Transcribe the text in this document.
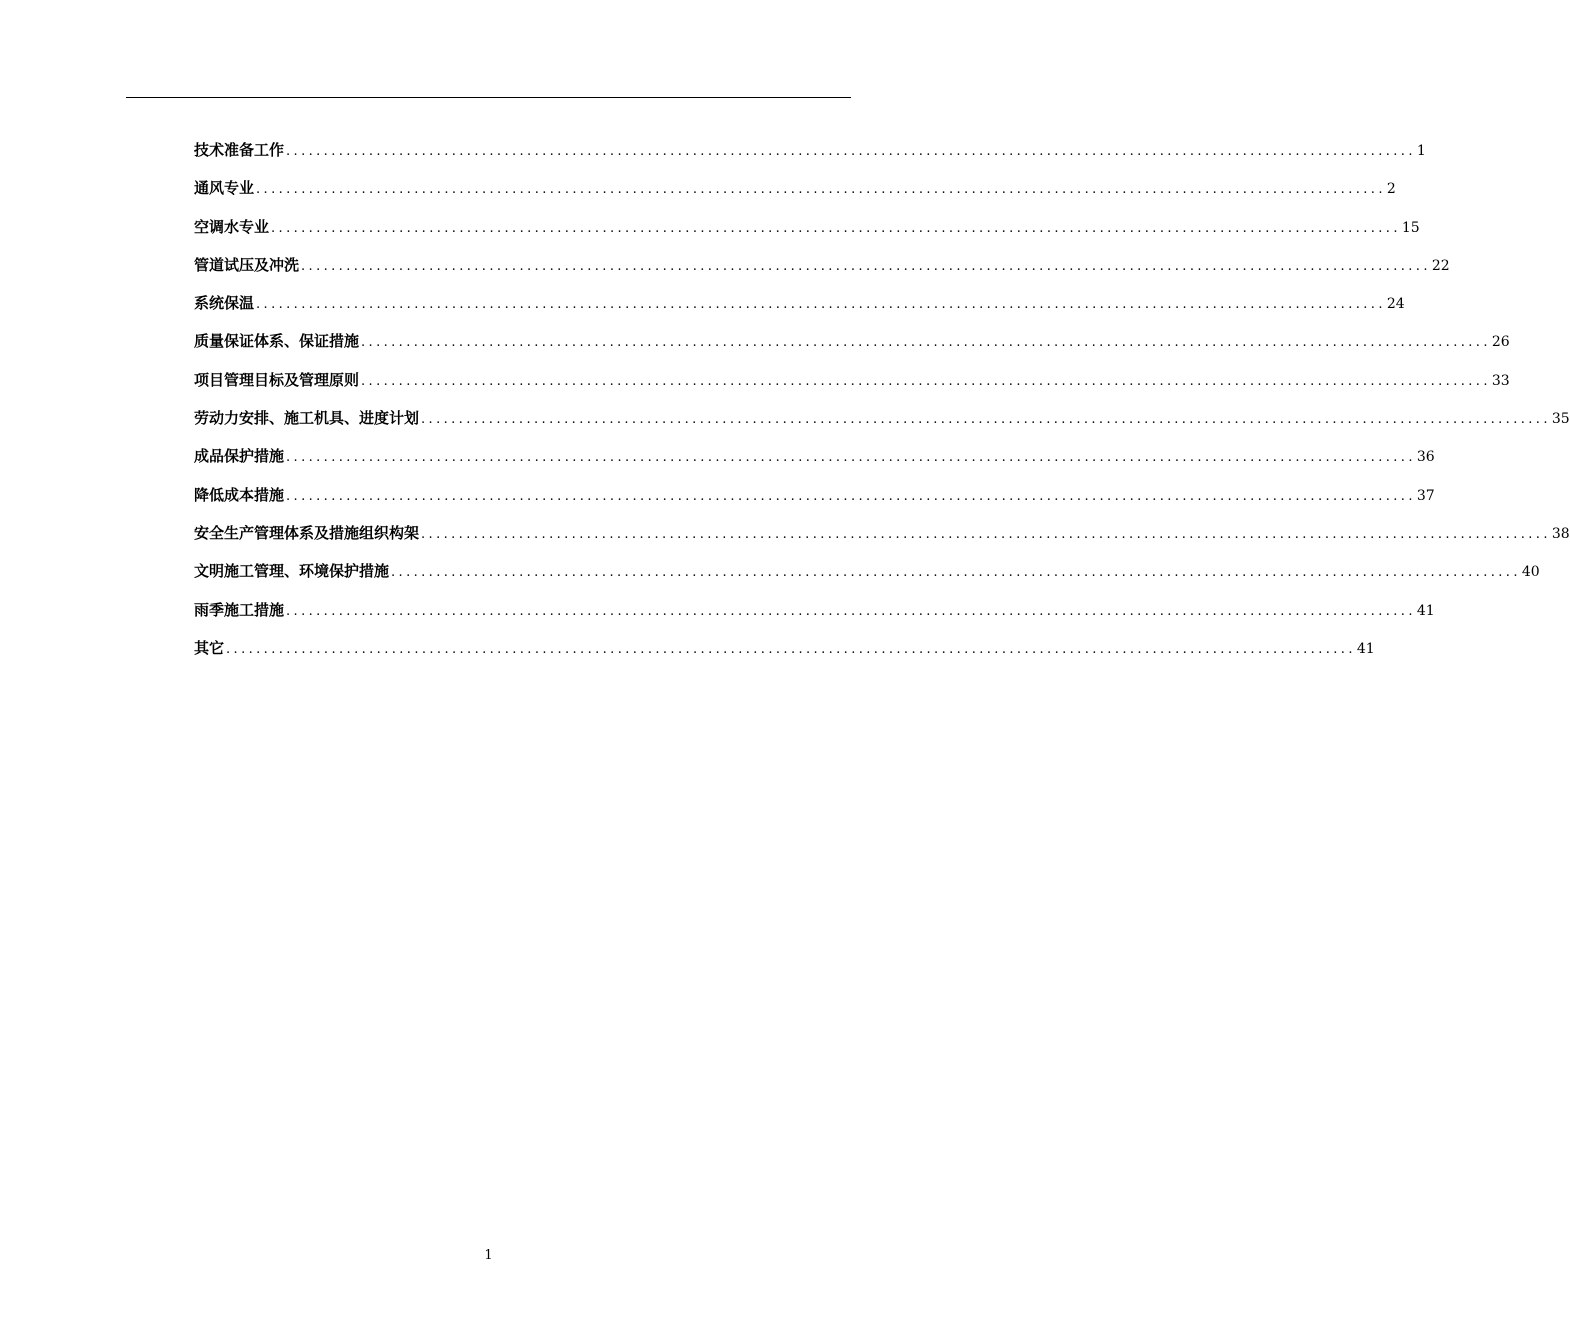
技术准备工作 ...................................................................................................................................................... 1
通风专业 ...................................................................................................................................................... 2
空调水专业 ...................................................................................................................................................... 15
管道试压及冲洗 ...................................................................................................................................................... 22
系统保温 ...................................................................................................................................................... 24
质量保证体系、保证措施 ...................................................................................................................................................... 26
项目管理目标及管理原则 ...................................................................................................................................................... 33
劳动力安排、施工机具、进度计划 ...................................................................................................................................................... 35
成品保护措施 ...................................................................................................................................................... 36
降低成本措施 ...................................................................................................................................................... 37
安全生产管理体系及措施组织构架 ...................................................................................................................................................... 38
文明施工管理、环境保护措施 ...................................................................................................................................................... 40
雨季施工措施 ...................................................................................................................................................... 41
其它 ...................................................................................................................................................... 41
1
